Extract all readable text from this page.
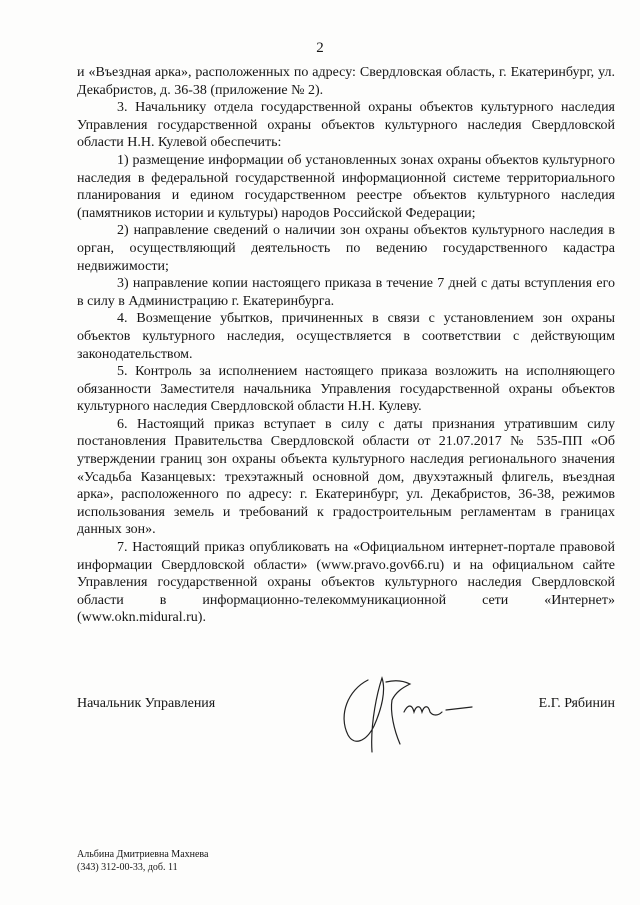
2

и «Въездная арка», расположенных по адресу: Свердловская область, г. Екатеринбург, ул. Декабристов, д. 36-38 (приложение № 2).

3. Начальнику отдела государственной охраны объектов культурного наследия Управления государственной охраны объектов культурного наследия Свердловской области Н.Н. Кулевой обеспечить:

1) размещение информации об установленных зонах охраны объектов культурного наследия в федеральной государственной информационной системе территориального планирования и едином государственном реестре объектов культурного наследия (памятников истории и культуры) народов Российской Федерации;

2) направление сведений о наличии зон охраны объектов культурного наследия в орган, осуществляющий деятельность по ведению государственного кадастра недвижимости;

3) направление копии настоящего приказа в течение 7 дней с даты вступления его в силу в Администрацию г. Екатеринбурга.

4. Возмещение убытков, причиненных в связи с установлением зон охраны объектов культурного наследия, осуществляется в соответствии с действующим законодательством.

5. Контроль за исполнением настоящего приказа возложить на исполняющего обязанности Заместителя начальника Управления государственной охраны объектов культурного наследия Свердловской области Н.Н. Кулеву.

6. Настоящий приказ вступает в силу с даты признания утратившим силу постановления Правительства Свердловской области от 21.07.2017 № 535-ПП «Об утверждении границ зон охраны объекта культурного наследия регионального значения «Усадьба Казанцевых: трехэтажный основной дом, двухэтажный флигель, въездная арка», расположенного по адресу: г. Екатеринбург, ул. Декабристов, 36-38, режимов использования земель и требований к градостроительным регламентам в границах данных зон».

7. Настоящий приказ опубликовать на «Официальном интернет-портале правовой информации Свердловской области» (www.pravo.gov66.ru) и на официальном сайте Управления государственной охраны объектов культурного наследия Свердловской области в информационно-телекоммуникационной сети «Интернет» (www.okn.midural.ru).

Начальник Управления	Е.Г. Рябинин
Альбина Дмитриевна Махнева
(343) 312-00-33, доб. 11
